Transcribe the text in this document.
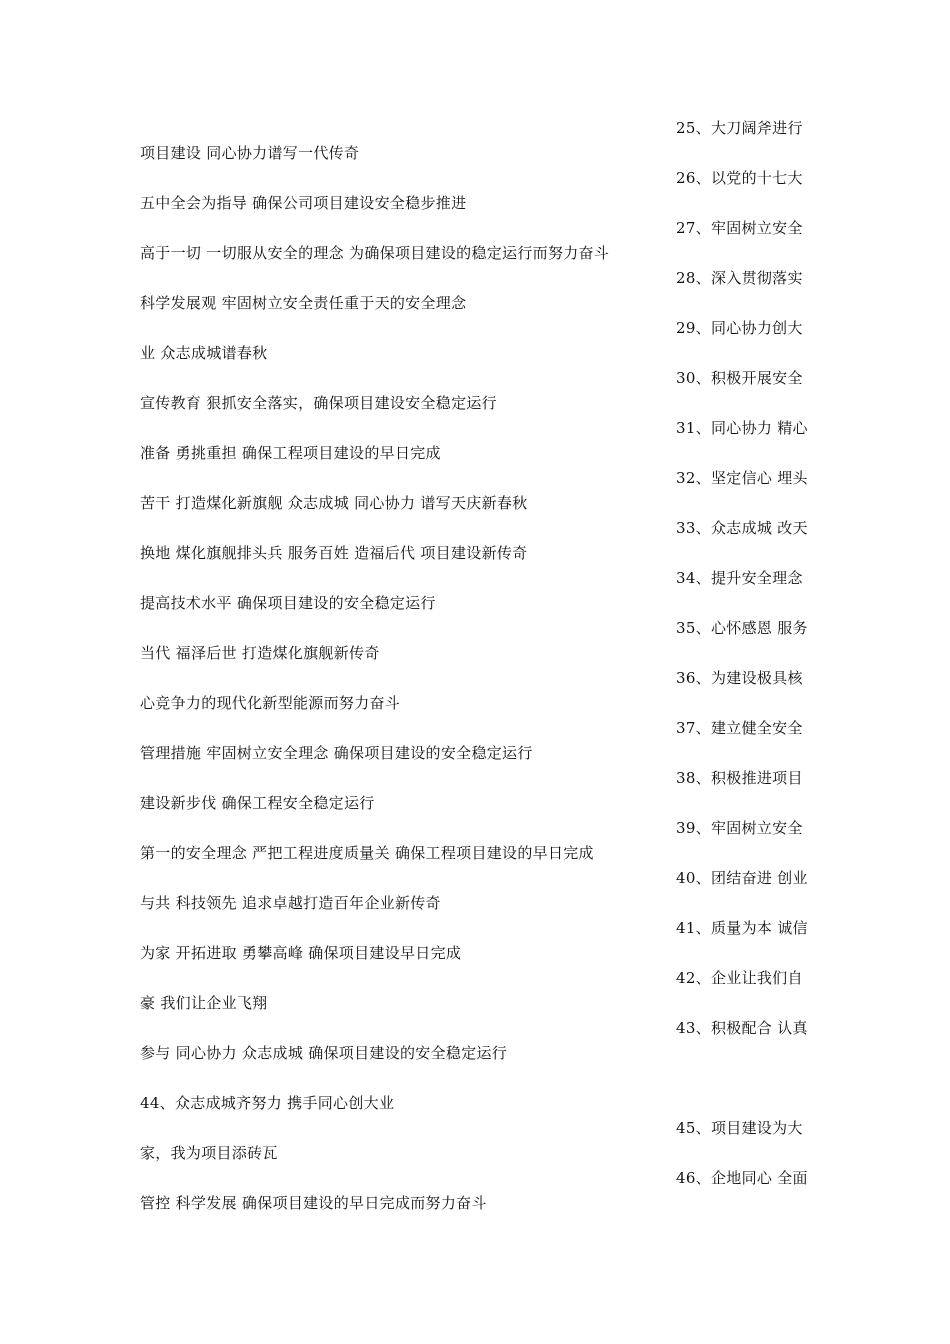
项目建设 同心协力谱写一代传奇
五中全会为指导 确保公司项目建设安全稳步推进
高于一切 一切服从安全的理念 为确保项目建设的稳定运行而努力奋斗
科学发展观 牢固树立安全责任重于天的安全理念
业 众志成城谱春秋
宣传教育 狠抓安全落实，确保项目建设安全稳定运行
准备 勇挑重担 确保工程项目建设的早日完成
苦干 打造煤化新旗舰 众志成城 同心协力 谱写天庆新春秋
换地 煤化旗舰排头兵 服务百姓 造福后代 项目建设新传奇
提高技术水平 确保项目建设的安全稳定运行
当代 福泽后世 打造煤化旗舰新传奇
心竞争力的现代化新型能源而努力奋斗
管理措施 牢固树立安全理念 确保项目建设的安全稳定运行
建设新步伐 确保工程安全稳定运行
第一的安全理念 严把工程进度质量关 确保工程项目建设的早日完成
与共 科技领先 追求卓越打造百年企业新传奇
为家 开拓进取 勇攀高峰 确保项目建设早日完成
豪 我们让企业飞翔
参与 同心协力 众志成城 确保项目建设的安全稳定运行
44、众志成城齐努力 携手同心创大业
家，我为项目添砖瓦
管控 科学发展 确保项目建设的早日完成而努力奋斗
25、大刀阔斧进行
26、以党的十七大
27、牢固树立安全
28、深入贯彻落实
29、同心协力创大
30、积极开展安全
31、同心协力 精心
32、坚定信心 埋头
33、众志成城 改天
34、提升安全理念
35、心怀感恩 服务
36、为建设极具核
37、建立健全安全
38、积极推进项目
39、牢固树立安全
40、团结奋进 创业
41、质量为本 诚信
42、企业让我们自
43、积极配合 认真
45、项目建设为大
46、企地同心 全面
